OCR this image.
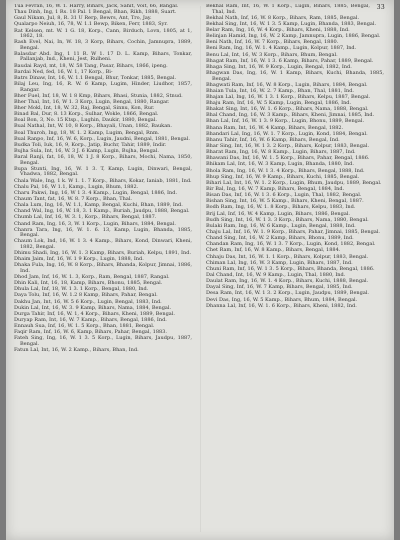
33

Tua Fevran, 16, W. 1. Harry, Bihars, Jack, Sahit, Voit, 66, Bangal.

Thau Dinh, Ing, 1 Rs. 18 Pal. 1 Bengal, Bhan, Rikh, 1888, Suart.

Gaul Nikam, Jul, 8, R. 31 U Rerp, Bewrs, Ant, Tro, Jay.

Qualarpo Neiuh, 16, 78, W. 1.1 Bewp, Biken, Ferr, 1883, Syr.

Rat Kelsen, mt. W. 1 G. 18, Korp., Cann, Birduch, Lovn, 1805, at 1, 1862, 18.

Rash Evel, Nai, In, W. 18, 3 Korp, Bihars, Cochin, Jamnupra, 1889, Bengal.

Balasdar Abd. Ing, 1 11 R. W 1. 17 D. L. Kamp, Bihars, Tonkar, Pallanjab, Ind., Kheni, Jest, Rulheni.

Baudai Rayd, mt, 18, W. 58 Tang, Pasar, Bihars, 1866, ipeng.

Bardai Ned, fed, 16, W. 1, 17 Korp., Bi-

Batrs Dinaw, Int, 16, W. 1.1 Bengal, Bhur, Tonkar, 1885, Bengal.

Bilaj Leu, Ing, 16, R. W. 6 Kamp, Lugim, Hinder, Liudhor, 1857, Rangar.

Bher Fuel, Inf, 18, W. 1 8 Kmp, Bihars, Bhasi, Stunia, 1882, Stnud.

Bher Thal, Int, 16, W 1. 3 Korp, Lugin, Bengal, 1880, Rangar.

Bher Mokl, Int, 18, W. 32, Raj, Bengal, Sinnu, Kon, Rur.

Binad Bal, Dur, 8. 13 Korp., Sulhar, Wokle, 1866, Bengal.

Boal Bon, 3, No. 15 Ktsp., Lughin, Daukir, 1880, Bengal.

Bual Nathal, Int, W. 10, 8 Korp., Bhayali, Unan, 1882, Baukan.

Boal Thuroh, Ing, 18, W. 1. 2 Kamp, Lugim, Bengal, Rnm.

Bual Ranpo, Inf, 16, W. 6, Korp., Lugin, Jaudni, Bengal, 1881, Bengal.

Budka Toli, Iuk, 16, 9, Korp., Jatip, Buchr, Tahir, 1889, Indir.

Bujha Sula, Int, 16, W. 3 J. 6 Kamp, Lugin, Bujha, Bengal.

Baral Ranji, fat, 16, 18, W. 1 J. 8 Korp., Bihars, Mochi, Nama, 1850, Bengal.

Bupa Stunti, Ing, 16, W. 1 3. T, Kamp, Lugin, Dinwari, Bengal, Vhadwa, 1882, Bengal.

Chala Wale, Ing, 1 k. W 1. 1. 7 Korp., Bihars, Kokar, Ianiab, 1881, Ind.

Chalu Pal, 16, W 1.1, Kamp., Lugin, Bhum, 1882.

Charu Pakwi, Ing, 16, W 1 3. 4 Kamp., Lugin, Bengal, 1886, Ind.

Chaum Tant, fat, 16, W. 8. 7 Korp., Bhan, Thal.

Chala Lum, Ing, 16, W. 1.1, Kamp, Bengal, Kuchi, Bhan, 1889, Ind.

Chand Wal, Ing, 16, W. 18, 3. 1 Kamp., Buriah, Jaudpu, 1888, Bengal.

Chumb Lal, Inf, 16, W. 3. 1, Korp., Bihars, Bengal, 1887.

Chand Ram, Ing, 16, 3, W. 1 Korp., Lugin, Bihars, 1884, Bengal.

Chanra Tara, Ing, 16, W. 1. 6. 13, Kamp, Lugin, Bhanda, 1885, Bengal.

Chaum Lok, Ind, 16, W. 1 3. 4 Kamp., Bihars, Kond, Dinwari, Kheni, 1882, Bengal.

Dhimu Shadi, Ing, 16, W. 1. 3 Kamp, Bihars, Buriah, Kelpu, 1891, Ind.

Dhaim Jaim, Inf, 16, W. 1 9 Korp., Lugin, 1888, Ind.

Dhaka Fula, Ing, 16, W. 8 Korp., Bihars, Bhanda, Kolpur, Jimnai, 1886, Ind.

Dhod Jam, Inf, 16, W. 1. 3, Korp., Ram, Bengal, 1887, Rangal.

Dhin Kali, Int, 16, 18, Kamp, Bihars, Bhonu, 1885, Bengal.

Dhula Lal, Inf, 18, W. 1 3. 1 Korp., Bengal, 1880, Ind.

Daya Tolu, Inf, 16, W. 1.2 8 Kamp, Bihars, Pahar, Bengal.

Dakhu Jan, Int, 16, W. 5 6 Korp., Lugin, Bengal, 1883, Ind.

Dukin Lal, Int, 16, W. 3. 9 Kamp, Bihars, Nama, 1884, Bengal.

Durga Tahir, Inf, 16, W. 1, 4 Korp., Bihars, Kheni, 1889, Bengal.

Duryap Ram, Int, 16, W. 7 Kamp., Bihars, Bengal, 1886, Ind.

Ennauh Sua, Inf, 16, W. 1. 5 Korp., Bhan, 1881, Bengal.

Faqir Ram, Inf, 16, W. 6, Kamp, Bihars, Pahar, Bengal, 1883.

Fateh Sing, Ing, 16, W. 1 3. 5 Korp., Lugin, Bihars, Jaudpu, 1887, Bengal.

Fatun Lal, Int, 16, W. 2 Kamp., Bihars, Bhan, Ind.

Bekhal Ram, Int, 16, W. 1 Korp., Lugin, Bihars, 1885, Bengal, Thal, Ind.

Bekhal Nath, Inf, 16, W. 8 Korp., Bihars, Ram, 1885, Bengal.

Bekhal Sing, Int, 16, W. 1 3. 5 Kamp, Lugin, Bhanda, 1883, Bengal.

Belar Ram, Ing, 16, W. 4 Korp., Bihars, Kheni, 1888, Ind.

Belinjan Hamid, Ing, 16, W. 2 Kamp, Jamnupra, Lugin, 1886, Bengal.

Beni Nath, Inf, 16, W. 7 Korp., Bihars, Bengal, 1880.

Beni Ram, Ing, 16, W. 1. 4 Kamp., Lugin, Kolpur, 1887, Ind.

Benu Lal, Int, 16, W. 3 Korp., Bihars, Bhum, Bengal.

Bhagat Ram, Inf, 16, W. 1 3. 6 Kamp, Bihars, Pahar, 1889, Bengal.

Bhaga Sing, Int, 16, W. 9 Korp., Lugin, Bengal, 1882, Ind.

Bhagwan Das, Ing, 16, W. 1 Kamp, Bihars, Kuchi, Bhanda, 1885, Bengal.

Bhagwati Ram, Inf, 16, W. 8 Korp., Lugin, Bihars, 1884, Bengal.

Bhaian Tula, Int, 16, W. 2. 7 Kamp., Bhan, Thal, 1881, Ind.

Bhajan Lal, Ing, 16, W. 1 3. 1 Korp., Bihars, Kelpu, 1887, Bengal.

Bhaju Ram, Inf, 16, W. 5 Kamp, Lugin, Bengal, 1886, Ind.

Bhakat Sing, Int, 16, W. 1. 6 Korp., Bihars, Nama, 1888, Bengal.

Bhal Chand, Ing, 16, W. 3 Kamp., Bihars, Kheni, Jimnai, 1885, Ind.

Bhan Lal, Inf, 16, W. 1 3. 9 Korp., Lugin, Bhonu, 1889, Bengal.

Bhana Ram, Int, 16, W. 4 Kamp, Bihars, Bengal, 1882.

Bhandari Lal, Ing, 16, W. 1. 7 Korp., Lugin, Kond, 1884, Bengal.

Bhanu Tahir, Inf, 16, W. 6 Kamp, Bihars, Bengal, Ind.

Bhar Sing, Int, 16, W. 1 3. 2 Korp., Bihars, Kolpur, 1883, Bengal.

Bharat Ram, Ing, 16, W. 8 Kamp., Lugin, Bihars, 1887, Ind.

Bhawani Das, Inf, 16, W. 1. 5 Korp., Bihars, Pahar, Bengal, 1886.

Bhikam Lal, Int, 16, W. 3 Kamp, Lugin, Bhanda, 1880, Ind.

Bhola Ram, Ing, 16, W. 1 3. 4 Korp., Bihars, Bengal, 1888, Ind.

Bhup Sing, Inf, 16, W. 9 Kamp., Bihars, Kuchi, 1885, Bengal.

Bihari Lal, Int, 16, W. 1. 2 Korp., Lugin, Bhum, Jaudpu, 1889, Bengal.

Bir Bal, Ing, 16, W. 7 Kamp, Bihars, Bengal, 1884, Ind.

Bisan Das, Inf, 16, W. 1 3. 6 Korp., Lugin, Thal, 1882, Bengal.

Bishan Sing, Int, 16, W. 5 Kamp., Bihars, Kheni, Bengal, 1887.

Bodh Ram, Ing, 16, W. 1. 8 Korp., Bihars, Kelpu, 1883, Ind.

Brij Lal, Inf, 16, W. 4 Kamp, Lugin, Bihars, 1886, Bengal.

Budh Sing, Int, 16, W. 1 3. 3 Korp., Bihars, Nama, 1880, Bengal.

Bulaki Ram, Ing, 16, W. 6 Kamp., Lugin, Bengal, 1888, Ind.

Chaju Lal, Inf, 16, W. 1. 9 Korp., Bihars, Pahar, Jimnai, 1885, Bengal.

Chand Sing, Int, 16, W. 2 Kamp, Bihars, Bhonu, 1889, Ind.

Chandan Ram, Ing, 16, W. 1 3. 7 Korp., Lugin, Kond, 1882, Bengal.

Chet Ram, Inf, 16, W. 8 Kamp., Bihars, Bengal, 1884.

Chhaju Das, Int, 16, W. 1. 1 Korp., Bihars, Kolpur, 1883, Bengal.

Chiman Lal, Ing, 16, W. 3 Kamp, Lugin, Bihars, 1887, Ind.

Chuni Ram, Inf, 16, W. 1 3. 5 Korp., Bihars, Bhanda, Bengal, 1886.

Dal Chand, Int, 16, W. 9 Kamp., Lugin, Thal, 1880, Ind.

Daulat Ram, Ing, 16, W. 1. 4 Korp., Bihars, Kuchi, 1888, Bengal.

Dayal Sing, Inf, 16, W. 7 Kamp, Bihars, Bengal, 1885, Ind.

Desa Ram, Int, 16, W. 1 3. 2 Korp., Lugin, Jaudpu, 1889, Bengal.

Devi Das, Ing, 16, W. 5 Kamp., Bihars, Bhum, 1884, Bengal.

Dhanna Lal, Inf, 16, W. 1. 6 Korp., Bihars, Kheni, 1882, Ind.
